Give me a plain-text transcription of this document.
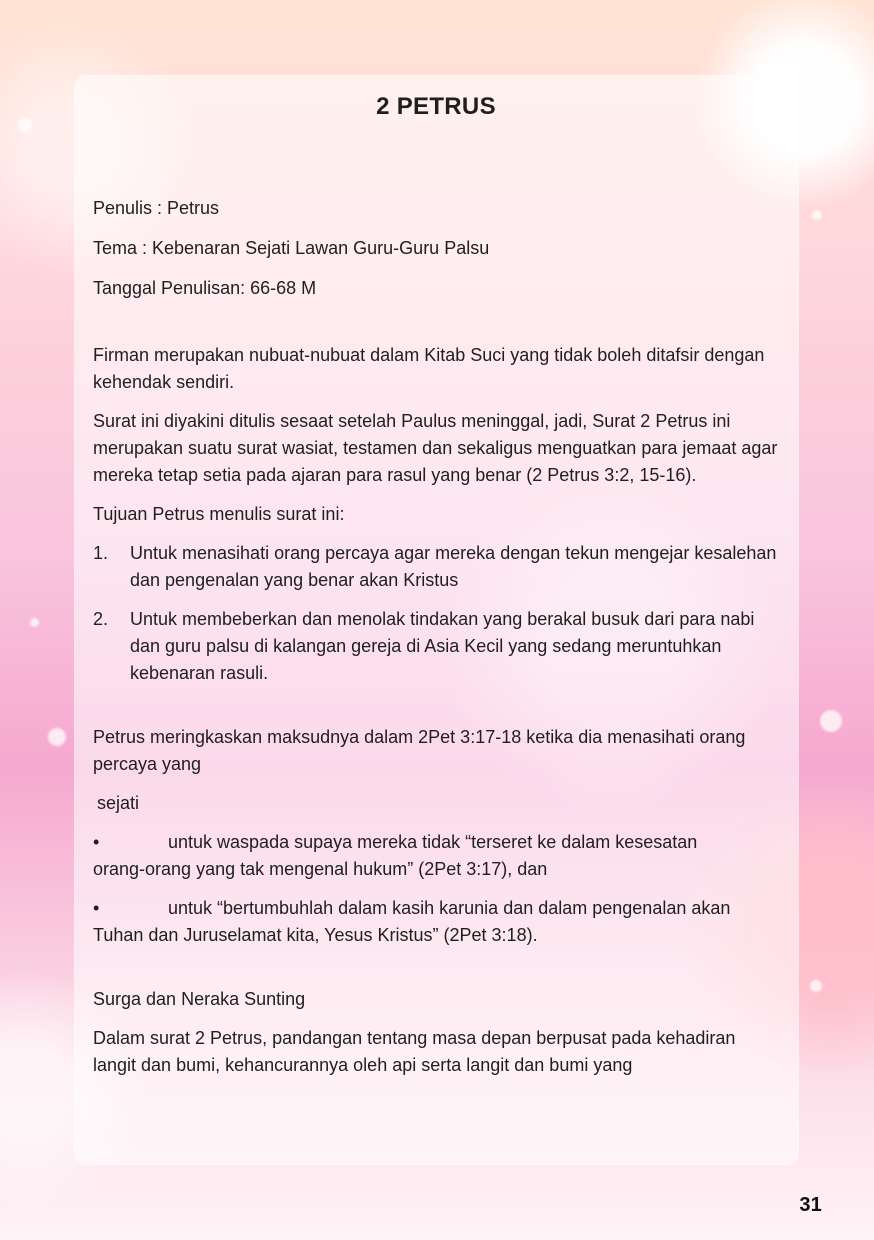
2 PETRUS

Penulis : Petrus

Tema : Kebenaran Sejati Lawan Guru-Guru Palsu

Tanggal Penulisan: 66-68 M

Firman merupakan nubuat-nubuat dalam Kitab Suci yang tidak boleh ditafsir dengan kehendak sendiri.

Surat ini diyakini ditulis sesaat setelah Paulus meninggal, jadi, Surat 2 Petrus ini merupakan suatu surat wasiat, testamen dan sekaligus menguatkan para jemaat agar mereka tetap setia pada ajaran para rasul yang benar (2 Petrus 3:2, 15-16).

Tujuan Petrus menulis surat ini:

1.	Untuk menasihati orang percaya agar mereka dengan tekun mengejar kesalehan dan pengenalan yang benar akan Kristus
2.	Untuk membeberkan dan menolak tindakan yang berakal busuk dari para nabi dan guru palsu di kalangan gereja di Asia Kecil yang sedang meruntuhkan kebenaran rasuli.

Petrus meringkaskan maksudnya dalam 2Pet 3:17-18 ketika dia menasihati orang percaya yang

sejati

•	untuk waspada supaya mereka tidak “terseret ke dalam kesesatan
orang-orang yang tak mengenal hukum” (2Pet 3:17), dan
•	untuk “bertumbuhlah dalam kasih karunia dan dalam pengenalan akan
Tuhan dan Juruselamat kita, Yesus Kristus” (2Pet 3:18).

Surga dan Neraka Sunting

Dalam surat 2 Petrus, pandangan tentang masa depan berpusat pada kehadiran langit dan bumi, kehancurannya oleh api serta langit dan bumi yang

31
